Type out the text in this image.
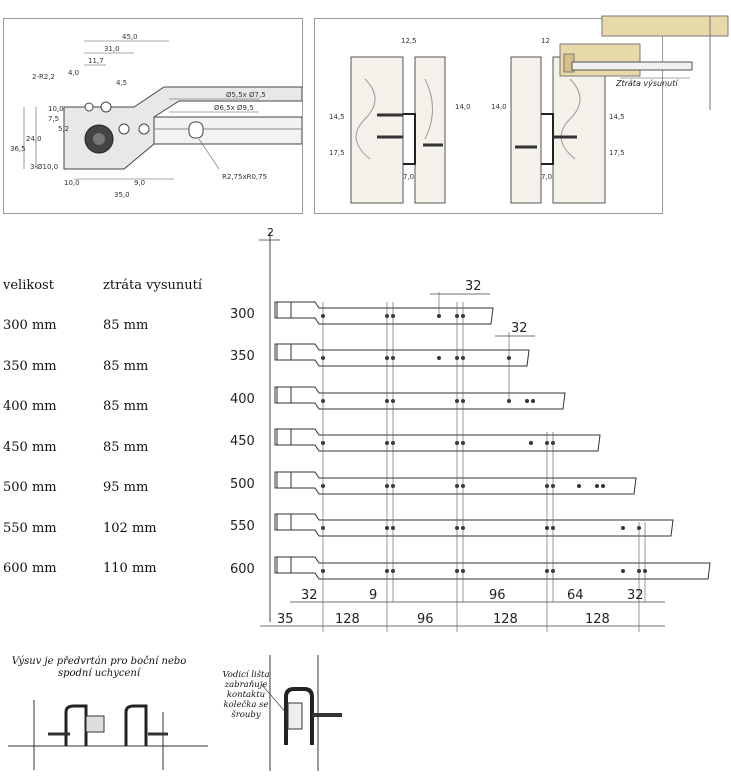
45,0
31,0
11,7
4,0
2-R2,2
4,5
10,0
7,5
5,2
24,0
36,5
Ø5,5x Ø7,5
Ø6,5x Ø9,5
R2,75xR0,75
3-Ø10,0
10,0
35,0
9,0
12,5
14,5
17,5
14,0
7,0
12
14,0
14,5
17,5
7,0
Ztráta výsunutí
velikost	ztráta vysunutí
300 mm	85 mm
350 mm	85 mm
400 mm	85 mm
450 mm	85 mm
500 mm	95 mm
550 mm	102 mm
600 mm	110 mm
2
300
350
400
450
500
550
600
32
32
32	9	96	64	32
35	128	96	128	128
Výsuv je předvrtán pro boční nebo spodní uchycení	Vodicí lišta zabraňuje kontaktu kolečka se šrouby
